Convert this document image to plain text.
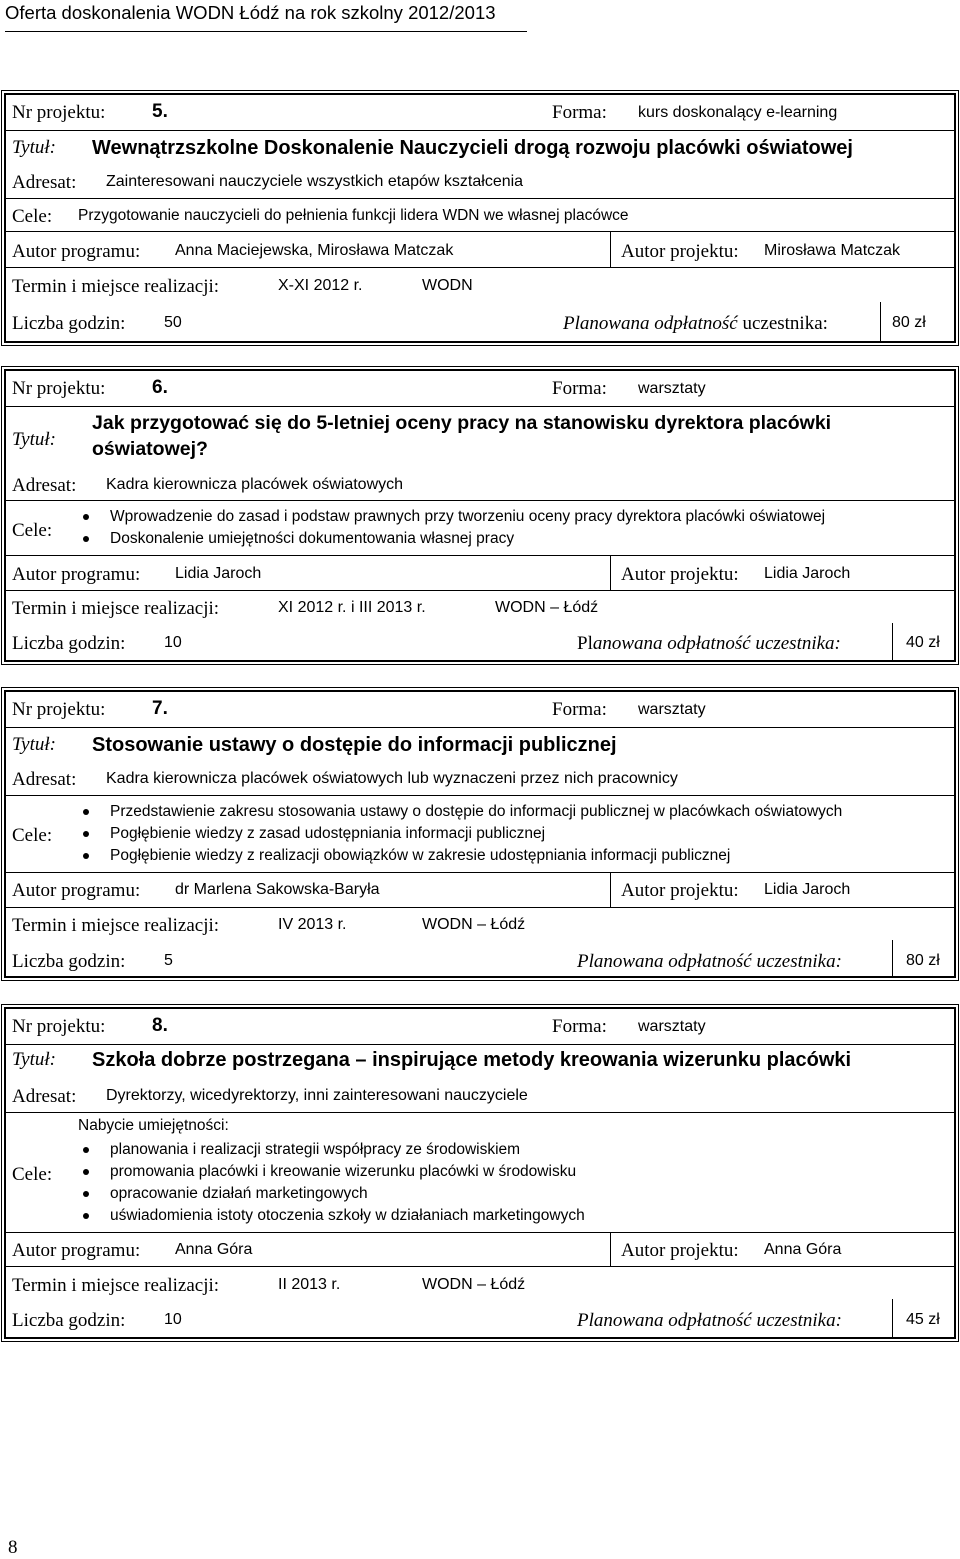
Oferta doskonalenia WODN Łódź na rok szkolny 2012/2013
Nr projektu: 5.	Forma: kurs doskonalący e-learning
Tytuł: Wewnątrzszkolne Doskonalenie Nauczycieli drogą rozwoju placówki oświatowej
Adresat: Zainteresowani nauczyciele wszystkich etapów kształcenia
Cele: Przygotowanie nauczycieli do pełnienia funkcji lidera WDN we własnej placówce
Autor programu: Anna Maciejewska, Mirosława Matczak	Autor projektu: Mirosława Matczak
Termin i miejsce realizacji:	X-XI 2012 r.	WODN
Liczba godzin: 50	Planowana odpłatność uczestnika:	80 zł
Nr projektu: 6.	Forma: warsztaty
Tytuł:
Jak przygotować się do 5-letniej oceny pracy na stanowisku dyrektora placówki
oświatowej?
Adresat: Kadra kierownicza placówek oświatowych
Cele:
Wprowadzenie do zasad i podstaw prawnych przy tworzeniu oceny pracy dyrektora placówki oświatowej
Doskonalenie umiejętności dokumentowania własnej pracy
Autor programu: Lidia Jaroch	Autor projektu: Lidia Jaroch
Termin i miejsce realizacji:	XI 2012 r. i III 2013 r.	WODN – Łódź
Liczba godzin: 10	Planowana odpłatność uczestnika:	40 zł
Nr projektu: 7.	Forma: warsztaty
Tytuł: Stosowanie ustawy o dostępie do informacji publicznej
Adresat: Kadra kierownicza placówek oświatowych lub wyznaczeni przez nich pracownicy
Cele:
Przedstawienie zakresu stosowania ustawy o dostępie do informacji publicznej w placówkach oświatowych
Pogłębienie wiedzy z zasad udostępniania informacji publicznej
Pogłębienie wiedzy z realizacji obowiązków w zakresie udostępniania informacji publicznej
Autor programu: dr Marlena Sakowska-Baryła	Autor projektu: Lidia Jaroch
Termin i miejsce realizacji:	IV 2013 r.	WODN – Łódź
Liczba godzin: 5	Planowana odpłatność uczestnika:	80 zł
Nr projektu: 8.	Forma: warsztaty
Tytuł: Szkoła dobrze postrzegana – inspirujące metody kreowania wizerunku placówki
Adresat: Dyrektorzy, wicedyrektorzy, inni zainteresowani nauczyciele
Cele:
Nabycie umiejętności:
planowania i realizacji strategii współpracy ze środowiskiem
promowania placówki i kreowanie wizerunku placówki w środowisku
opracowanie działań marketingowych
uświadomienia istoty otoczenia szkoły w działaniach marketingowych
Autor programu: Anna Góra	Autor projektu: Anna Góra
Termin i miejsce realizacji:	II 2013 r.	WODN – Łódź
Liczba godzin: 10	Planowana odpłatność uczestnika:	45 zł
8
